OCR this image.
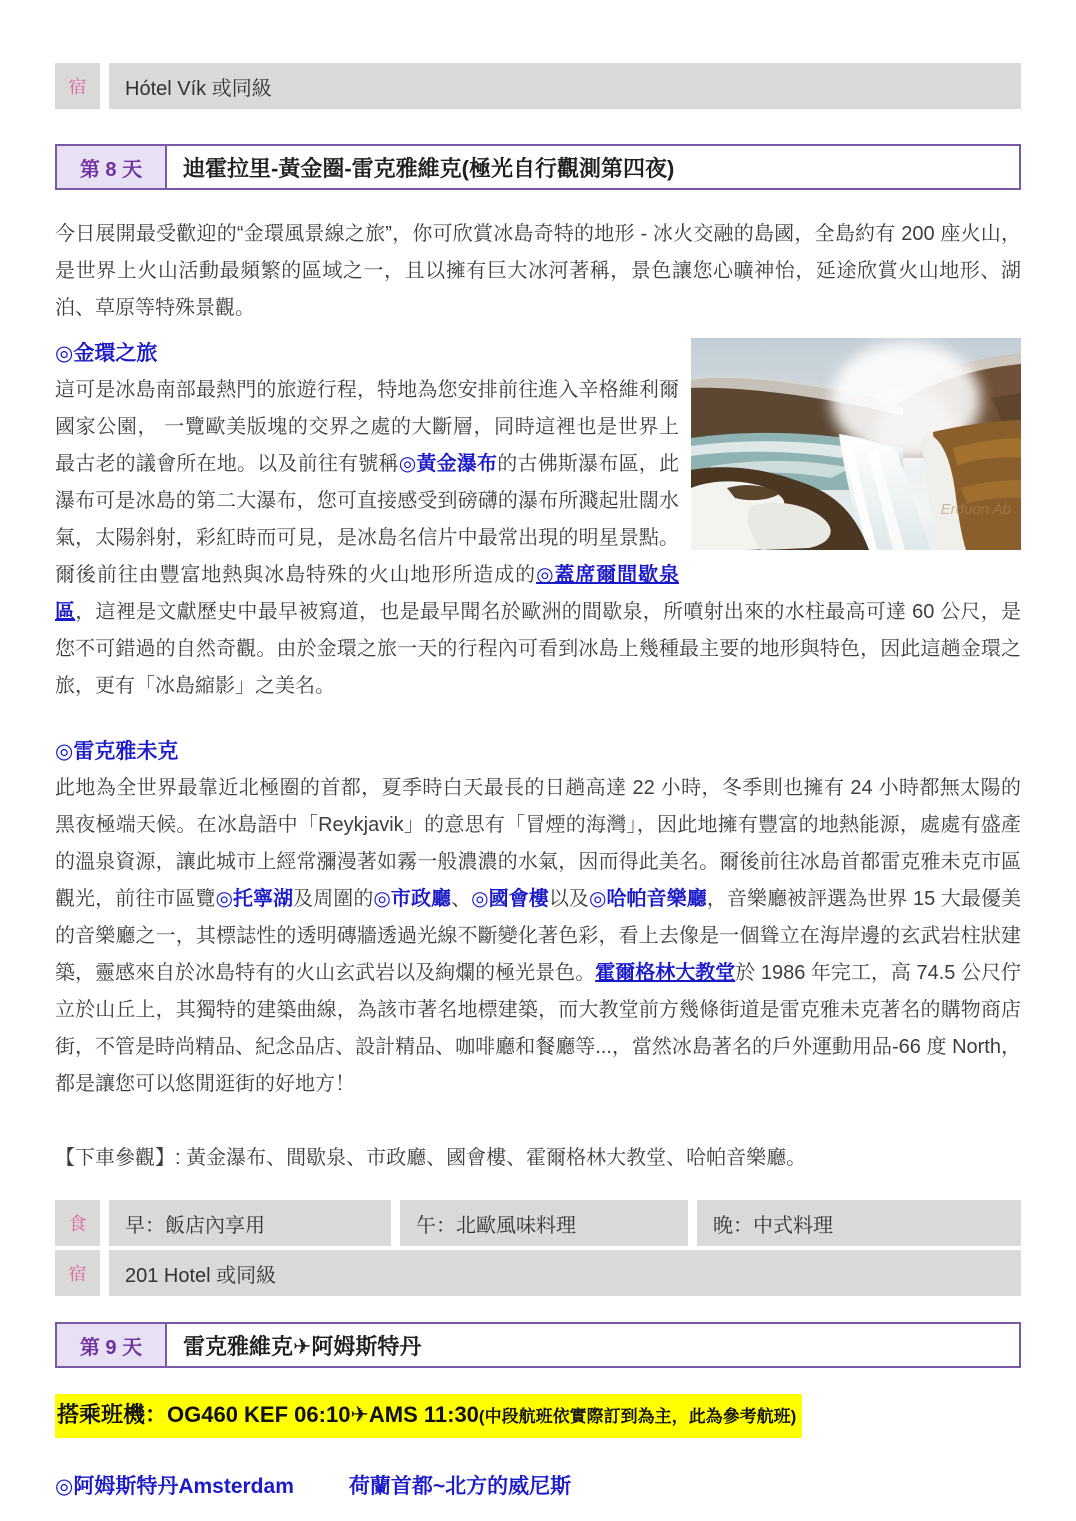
宿	Hótel Vík 或同級
第 8 天	迪霍拉里-黃金圈-雷克雅維克(極光自行觀測第四夜)
今日展開最受歡迎的“金環風景線之旅”，你可欣賞冰島奇特的地形 - 冰火交融的島國，全島約有 200 座火山，是世界上火山活動最頻繁的區域之一，且以擁有巨大冰河著稱，景色讓您心曠神怡，延途欣賞火山地形、湖泊、草原等特殊景觀。
Erduon Ab
◎金環之旅
這可是冰島南部最熱門的旅遊行程，特地為您安排前往進入辛格維利爾國家公園， 一覽歐美版塊的交界之處的大斷層，同時這裡也是世界上最古老的議會所在地。以及前往有號稱◎黃金瀑布的古佛斯瀑布區，此瀑布可是冰島的第二大瀑布，您可直接感受到磅礴的瀑布所濺起壯闊水氣，太陽斜射，彩紅時而可見，是冰島名信片中最常出現的明星景點。爾後前往由豐富地熱與冰島特殊的火山地形所造成的◎蓋席爾間歇泉區，這裡是文獻歷史中最早被寫道，也是最早聞名於歐洲的間歇泉，所噴射出來的水柱最高可達 60 公尺，是您不可錯過的自然奇觀。由於金環之旅一天的行程內可看到冰島上幾種最主要的地形與特色，因此這趟金環之旅，更有「冰島縮影」之美名。
◎雷克雅未克
此地為全世界最靠近北極圈的首都，夏季時白天最長的日趟高達 22 小時，冬季則也擁有 24 小時都無太陽的黑夜極端天候。在冰島語中「Reykjavik」的意思有「冒煙的海灣」，因此地擁有豐富的地熱能源，處處有盛產的溫泉資源，讓此城市上經常瀰漫著如霧一般濃濃的水氣，因而得此美名。爾後前往冰島首都雷克雅未克市區觀光，前往市區覽◎托寧湖及周圍的◎市政廳、◎國會樓以及◎哈帕音樂廳，音樂廳被評選為世界 15 大最優美的音樂廳之一，其標誌性的透明磚牆透過光線不斷變化著色彩，看上去像是一個聳立在海岸邊的玄武岩柱狀建築，靈感來自於冰島特有的火山玄武岩以及絢爛的極光景色。霍爾格林大教堂於 1986 年完工，高 74.5 公尺佇立於山丘上，其獨特的建築曲線，為該市著名地標建築，而大教堂前方幾條街道是雷克雅未克著名的購物商店街，不管是時尚精品、紀念品店、設計精品、咖啡廳和餐廳等...，當然冰島著名的戶外運動用品-66 度 North，都是讓您可以悠閒逛街的好地方！
【下車參觀】: 黃金瀑布、間歇泉、市政廳、國會樓、霍爾格林大教堂、哈帕音樂廳。
食	早：飯店內享用	午：北歐風味料理	晚：中式料理
宿	201 Hotel 或同級
第 9 天	雷克雅維克✈阿姆斯特丹
搭乘班機：OG460 KEF 06:10✈AMS 11:30(中段航班依實際訂到為主，此為參考航班)
◎阿姆斯特丹Amsterdam	荷蘭首都~北方的威尼斯
